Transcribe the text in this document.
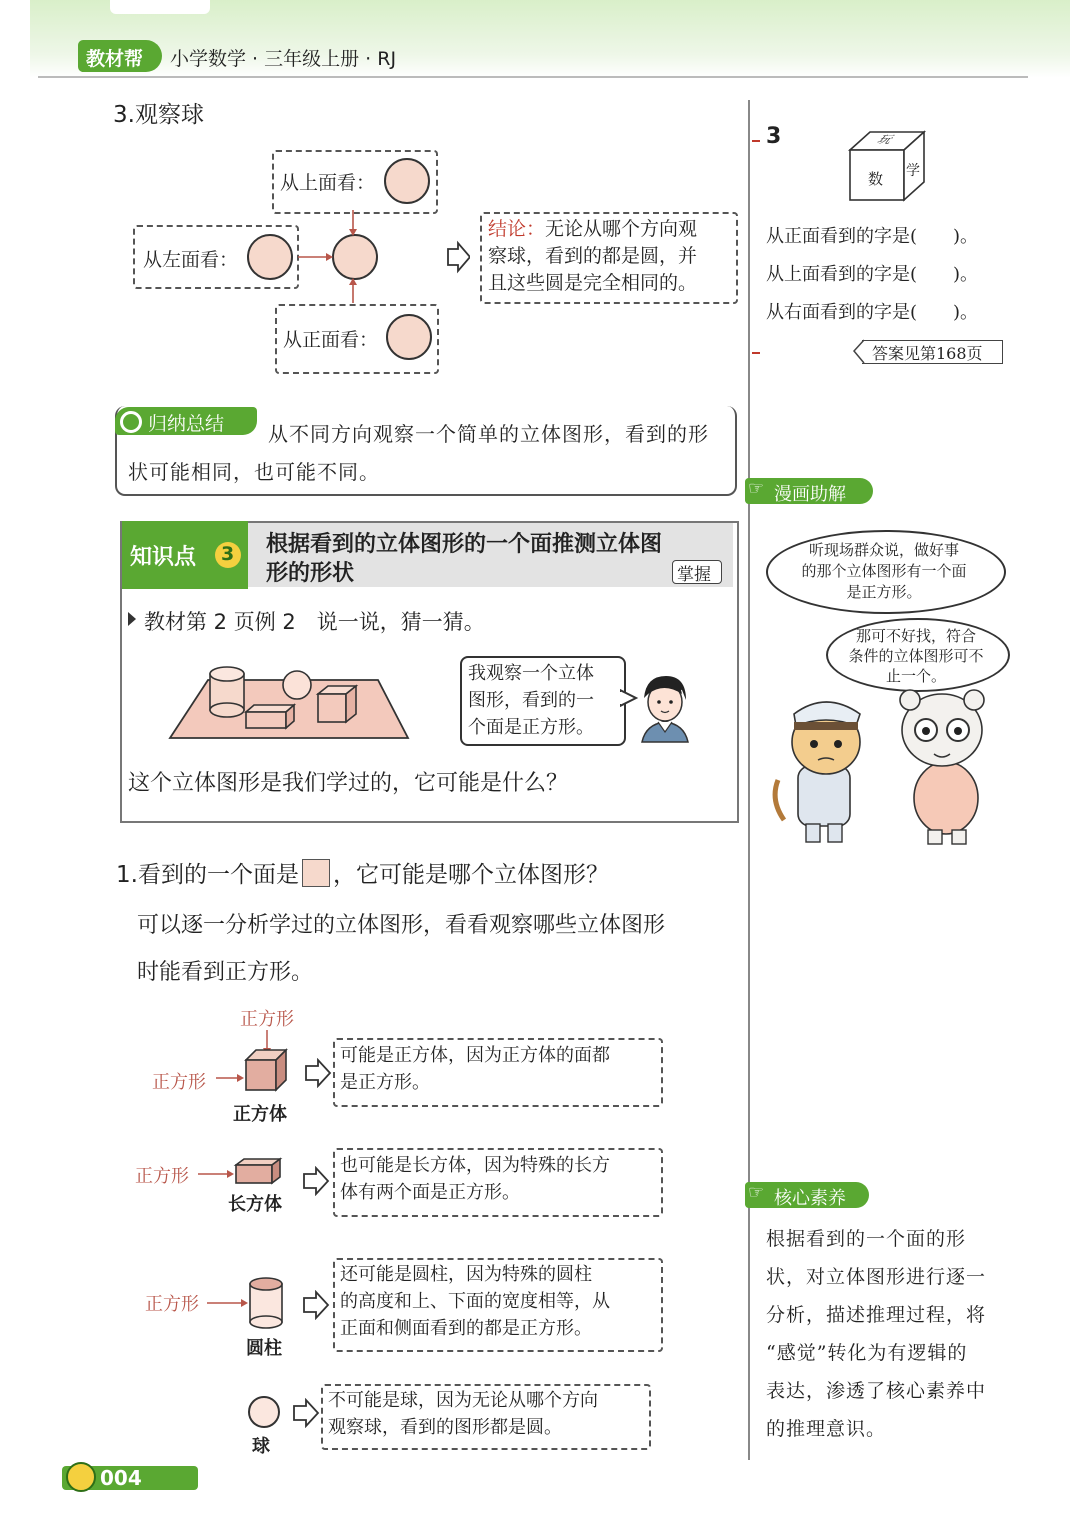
教材帮 小学数学 · 三年级上册 · RJ
3.观察球
从上面看：
从左面看：
从正面看：
结论：无论从哪个方向观
察球，看到的都是圆，并
且这些圆是完全相同的。
归纳总结 从不同方向观察一个简单的立体图形，看到的形
状可能相同，也可能不同。
知识点 3 根据看到的立体图形的一个面推测立体图
形的形状	掌握
教材第 2 页例 2　说一说，猜一猜。
我观察一个立体
图形，看到的一
个面是正方形。
这个立体图形是我们学过的，它可能是什么？
1.看到的一个面是 ，它可能是哪个立体图形？
可以逐一分析学过的立体图形，看看观察哪些立体图形
时能看到正方形。
正方形
正方形
正方体
可能是正方体，因为正方体的面都
是正方形。
正方形
长方体
也可能是长方体，因为特殊的长方
体有两个面是正方形。
正方形
圆柱
还可能是圆柱，因为特殊的圆柱
的高度和上、下面的宽度相等，从
正面和侧面看到的都是正方形。
球
不可能是球，因为无论从哪个方向
观察球，看到的图形都是圆。
3	玩
数 学
从正面看到的字是(　　)。
从上面看到的字是(　　)。
从右面看到的字是(　　)。
答案见第168页
☞ 漫画助解
听现场群众说，做好事
的那个立体图形有一个面
是正方形。
那可不好找，符合
条件的立体图形可不
止一个。
☞ 核心素养
根据看到的一个面的形
状，对立体图形进行逐一
分析，描述推理过程，将
“感觉”转化为有逻辑的
表达，渗透了核心素养中
的推理意识。
004
